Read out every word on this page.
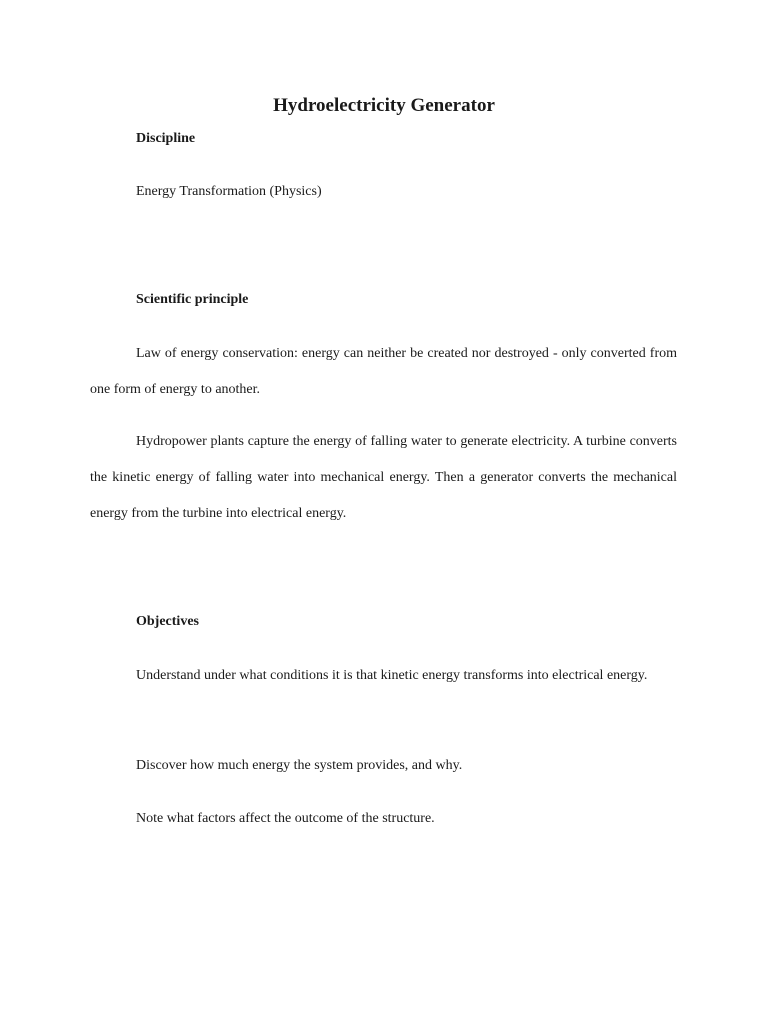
Hydroelectricity Generator
Discipline
Energy Transformation (Physics)
Scientific principle
Law of energy conservation: energy can neither be created nor destroyed - only converted from one form of energy to another.
Hydropower plants capture the energy of falling water to generate electricity. A turbine converts the kinetic energy of falling water into mechanical energy. Then a generator converts the mechanical energy from the turbine into electrical energy.
Objectives
Understand under what conditions it is that kinetic energy transforms into electrical energy.
Discover how much energy the system provides, and why.
Note what factors affect the outcome of the structure.
